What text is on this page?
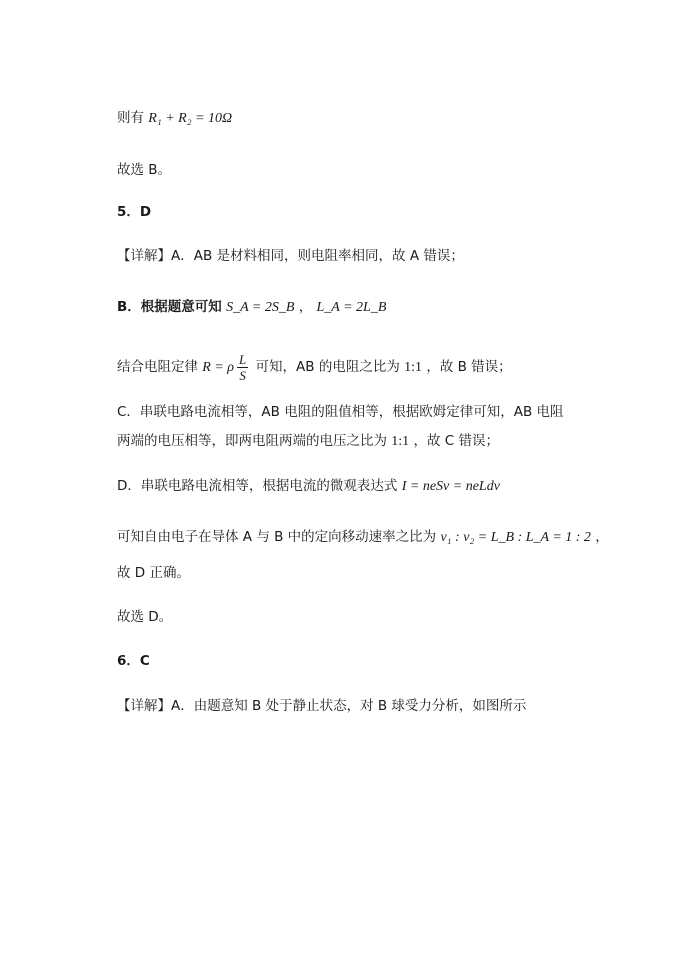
则有 R₁ + R₂ = 10Ω
故选 B。
5．D
【详解】A．AB 是材料相同，则电阻率相同，故 A 错误；
B．根据题意可知 S_A = 2S_B ， L_A = 2L_B
结合电阻定律 R = ρ $\frac{L}{S}$ 可知，AB 的电阻之比为 1:1 ，故 B 错误；
C．串联电路电流相等，AB 电阻的阻值相等，根据欧姆定律可知，AB 电阻
两端的电压相等，即两电阻两端的电压之比为 1:1 ，故 C 错误；
D．串联电路电流相等，根据电流的微观表达式 I = neSv = neLdv
可知自由电子在导体 A 与 B 中的定向移动速率之比为 v₁ : v₂ = L_B : L_A = 1 : 2 ，
故 D 正确。
故选 D。
6．C
【详解】A．由题意知 B 处于静止状态，对 B 球受力分析，如图所示
